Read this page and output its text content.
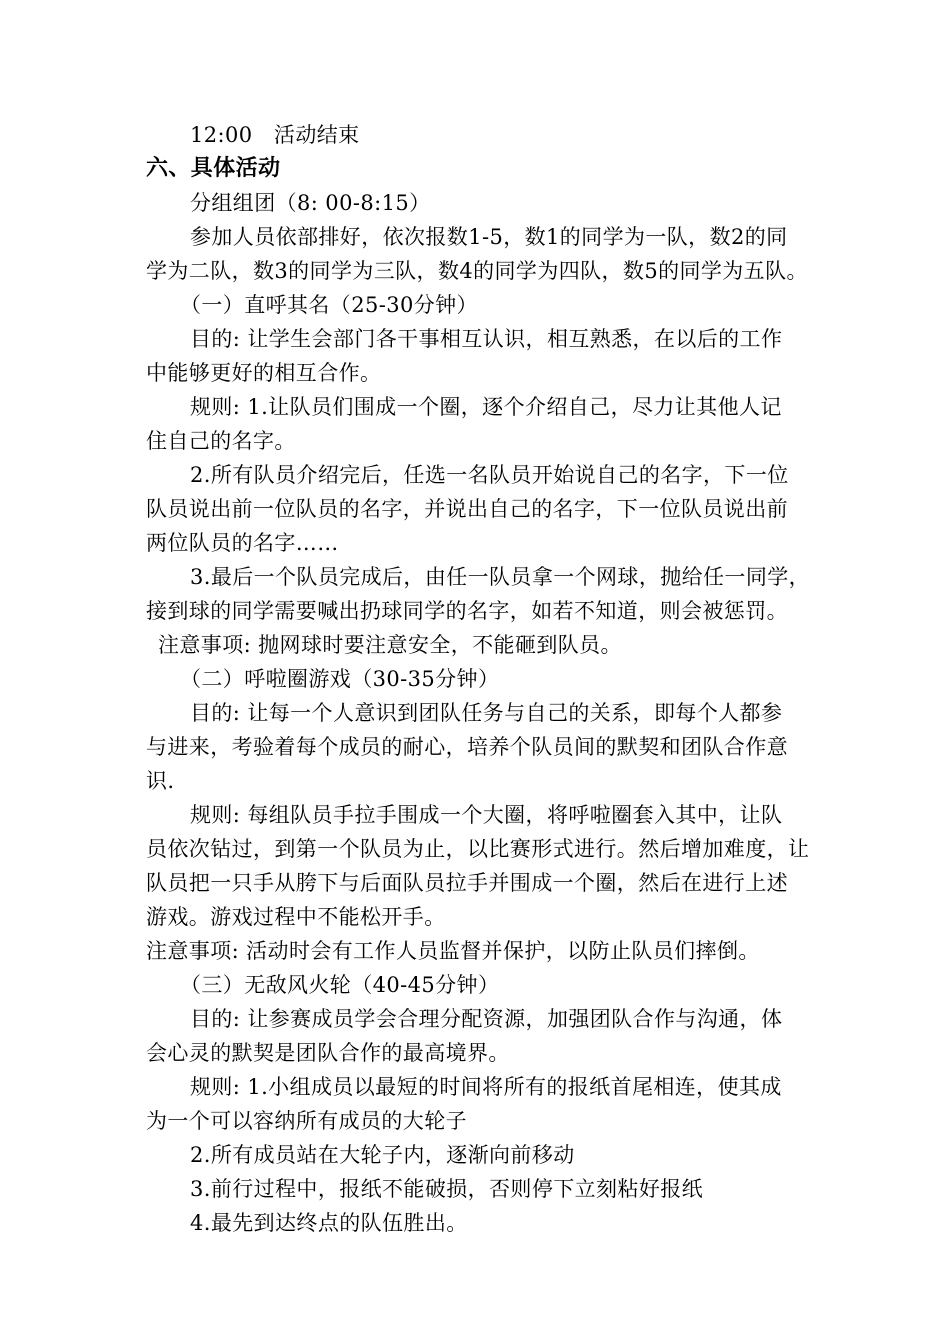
12:00　活动结束
六、具体活动
分组组团（8: 00-8:15）
参加人员依部排好，依次报数1-5，数1的同学为一队，数2的同
学为二队，数3的同学为三队，数4的同学为四队，数5的同学为五队。
（一）直呼其名（25-30分钟）
目的: 让学生会部门各干事相互认识，相互熟悉，在以后的工作
中能够更好的相互合作。
规则: 1.让队员们围成一个圈，逐个介绍自己，尽力让其他人记
住自己的名字。
2.所有队员介绍完后，任选一名队员开始说自己的名字，下一位
队员说出前一位队员的名字，并说出自己的名字，下一位队员说出前
两位队员的名字……
3.最后一个队员完成后，由任一队员拿一个网球，抛给任一同学，
接到球的同学需要喊出扔球同学的名字，如若不知道，则会被惩罚。
注意事项: 抛网球时要注意安全，不能砸到队员。
（二）呼啦圈游戏（30-35分钟）
目的: 让每一个人意识到团队任务与自己的关系，即每个人都参
与进来，考验着每个成员的耐心，培养个队员间的默契和团队合作意
识.
规则: 每组队员手拉手围成一个大圈，将呼啦圈套入其中，让队
员依次钻过，到第一个队员为止，以比赛形式进行。然后增加难度，让
队员把一只手从胯下与后面队员拉手并围成一个圈，然后在进行上述
游戏。游戏过程中不能松开手。
注意事项: 活动时会有工作人员监督并保护，以防止队员们摔倒。
（三）无敌风火轮（40-45分钟）
目的: 让参赛成员学会合理分配资源，加强团队合作与沟通，体
会心灵的默契是团队合作的最高境界。
规则: 1.小组成员以最短的时间将所有的报纸首尾相连，使其成
为一个可以容纳所有成员的大轮子
2.所有成员站在大轮子内，逐渐向前移动
3.前行过程中，报纸不能破损，否则停下立刻粘好报纸
4.最先到达终点的队伍胜出。
